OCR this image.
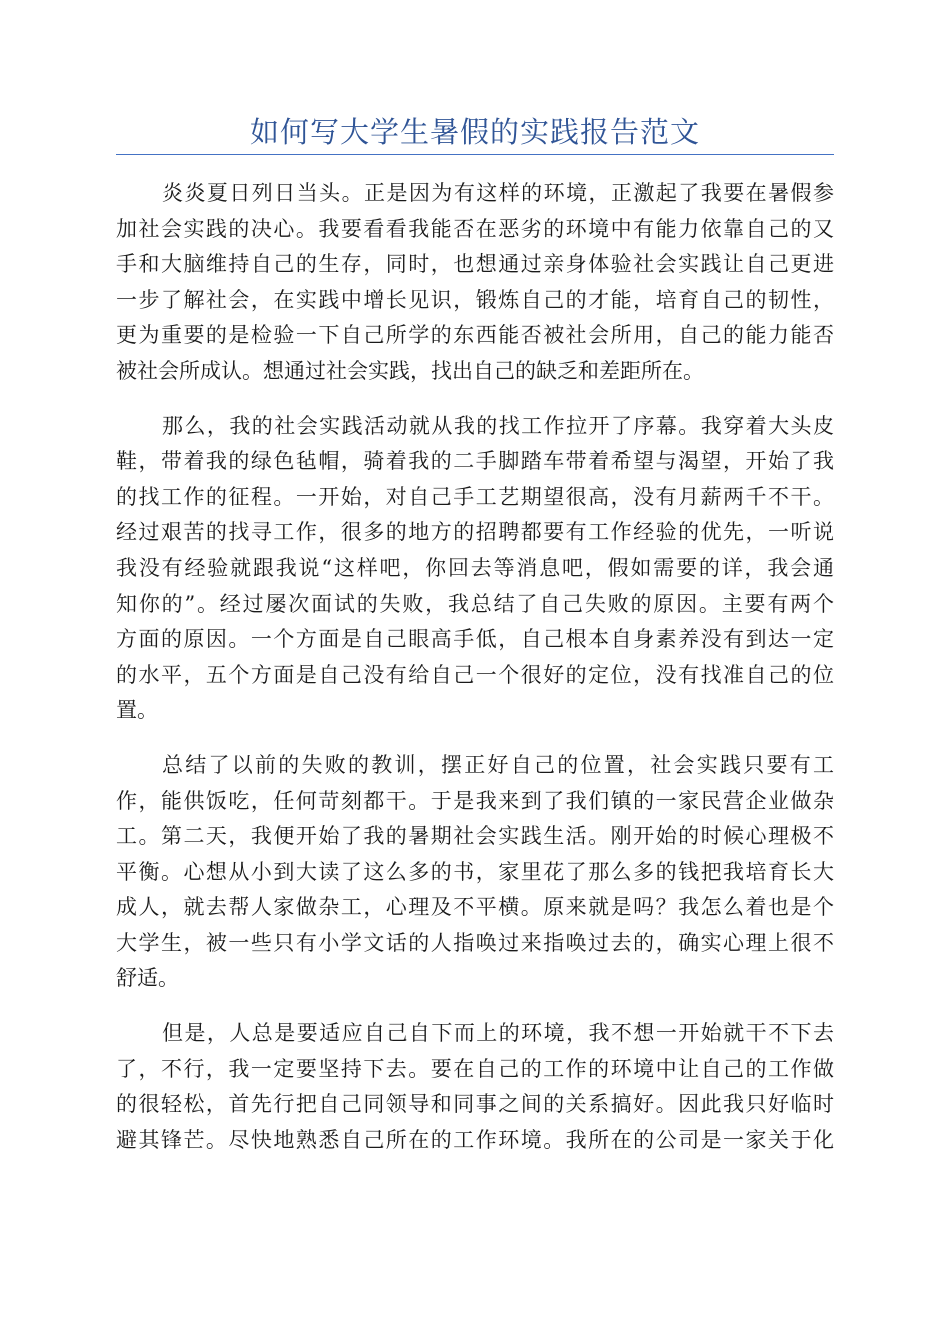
如何写大学生暑假的实践报告范文
炎炎夏日列日当头。正是因为有这样的环境，正激起了我要在暑假参
加社会实践的决心。我要看看我能否在恶劣的环境中有能力依靠自己的又
手和大脑维持自己的生存，同时，也想通过亲身体验社会实践让自己更进
一步了解社会，在实践中增长见识，锻炼自己的才能，培育自己的韧性，
更为重要的是检验一下自己所学的东西能否被社会所用，自己的能力能否
被社会所成认。想通过社会实践，找出自己的缺乏和差距所在。
那么，我的社会实践活动就从我的找工作拉开了序幕。我穿着大头皮
鞋，带着我的绿色毡帽，骑着我的二手脚踏车带着希望与渴望，开始了我
的找工作的征程。一开始，对自己手工艺期望很高，没有月薪两千不干。
经过艰苦的找寻工作，很多的地方的招聘都要有工作经验的优先，一听说
我没有经验就跟我说“这样吧，你回去等消息吧，假如需要的详，我会通
知你的”。经过屡次面试的失败，我总结了自己失败的原因。主要有两个
方面的原因。一个方面是自己眼高手低，自己根本自身素养没有到达一定
的水平，五个方面是自己没有给自己一个很好的定位，没有找准自己的位
置。
总结了以前的失败的教训，摆正好自己的位置，社会实践只要有工
作，能供饭吃，任何苛刻都干。于是我来到了我们镇的一家民营企业做杂
工。第二天，我便开始了我的暑期社会实践生活。刚开始的时候心理极不
平衡。心想从小到大读了这么多的书，家里花了那么多的钱把我培育长大
成人，就去帮人家做杂工，心理及不平横。原来就是吗？我怎么着也是个
大学生，被一些只有小学文话的人指唤过来指唤过去的，确实心理上很不
舒适。
但是，人总是要适应自己自下而上的环境，我不想一开始就干不下去
了，不行，我一定要坚持下去。要在自己的工作的环境中让自己的工作做
的很轻松，首先行把自己同领导和同事之间的关系搞好。因此我只好临时
避其锋芒。尽快地熟悉自己所在的工作环境。我所在的公司是一家关于化
